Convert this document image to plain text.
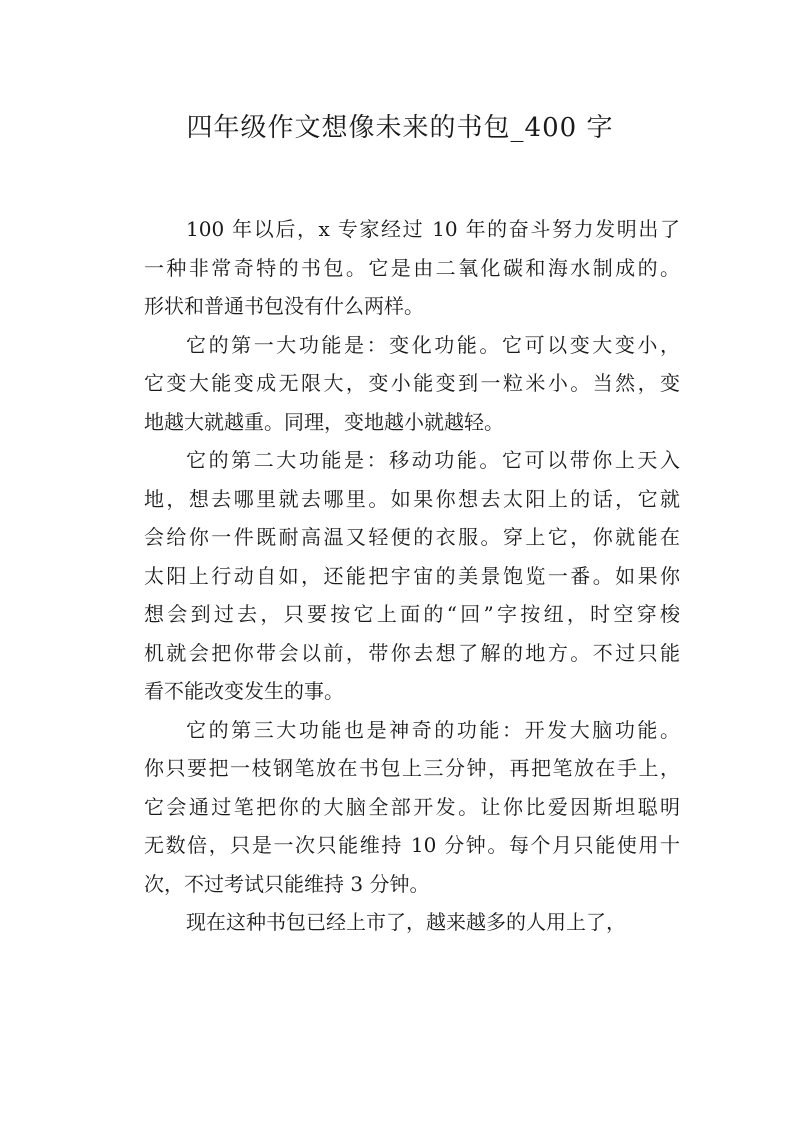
四年级作文想像未来的书包_400 字
100 年以后，x 专家经过 10 年的奋斗努力发明出了
一种非常奇特的书包。它是由二氧化碳和海水制成的。
形状和普通书包没有什么两样。
它的第一大功能是：变化功能。它可以变大变小，
它变大能变成无限大，变小能变到一粒米小。当然，变
地越大就越重。同理，变地越小就越轻。
它的第二大功能是：移动功能。它可以带你上天入
地，想去哪里就去哪里。如果你想去太阳上的话，它就
会给你一件既耐高温又轻便的衣服。穿上它，你就能在
太阳上行动自如，还能把宇宙的美景饱览一番。如果你
想会到过去，只要按它上面的“回”字按纽，时空穿梭
机就会把你带会以前，带你去想了解的地方。不过只能
看不能改变发生的事。
它的第三大功能也是神奇的功能：开发大脑功能。
你只要把一枝钢笔放在书包上三分钟，再把笔放在手上，
它会通过笔把你的大脑全部开发。让你比爱因斯坦聪明
无数倍，只是一次只能维持 10 分钟。每个月只能使用十
次，不过考试只能维持 3 分钟。
现在这种书包已经上市了，越来越多的人用上了，
